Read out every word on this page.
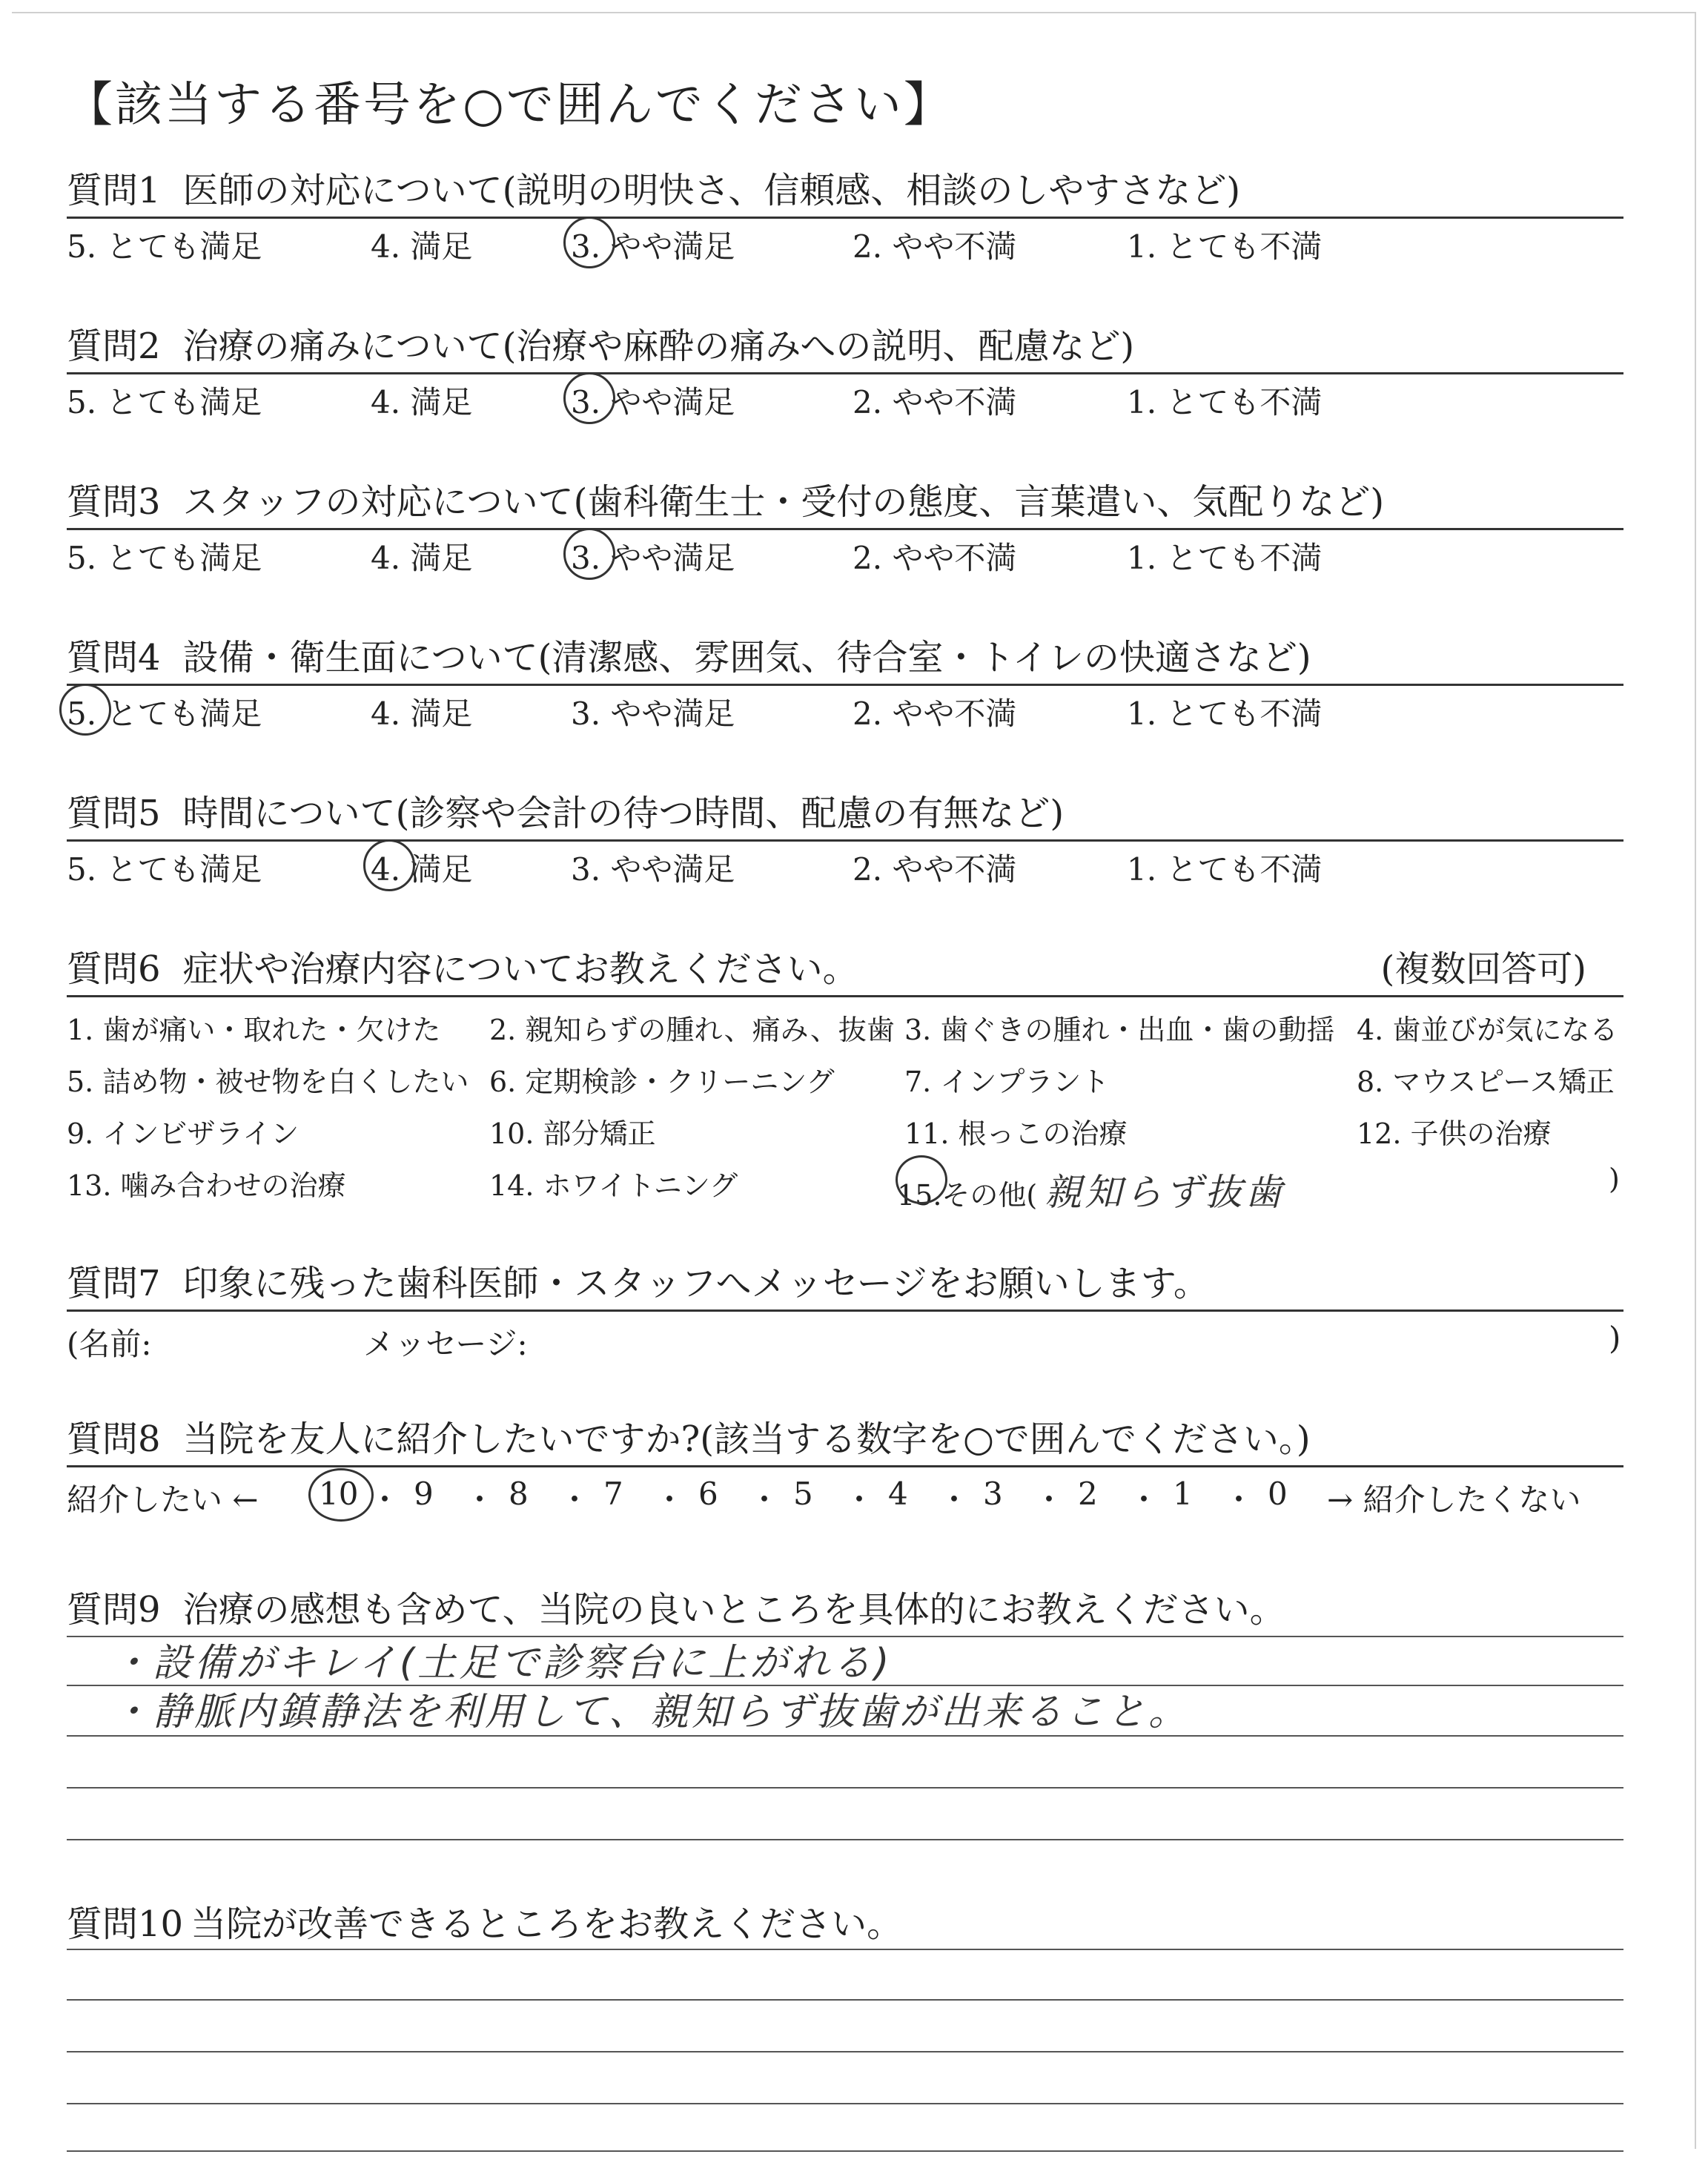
【該当する番号を○で囲んでください】
質問1 医師の対応について(説明の明快さ、信頼感、相談のしやすさなど)
5. とても満足	4. 満足	3. やや満足	2. やや不満	1. とても不満
質問2 治療の痛みについて(治療や麻酔の痛みへの説明、配慮など)
5. とても満足	4. 満足	3. やや満足	2. やや不満	1. とても不満
質問3 スタッフの対応について(歯科衛生士・受付の態度、言葉遣い、気配りなど)
5. とても満足	4. 満足	3. やや満足	2. やや不満	1. とても不満
質問4 設備・衛生面について(清潔感、雰囲気、待合室・トイレの快適さなど)
5. とても満足	4. 満足	3. やや満足	2. やや不満	1. とても不満
質問5 時間について(診察や会計の待つ時間、配慮の有無など)
5. とても満足	4. 満足	3. やや満足	2. やや不満	1. とても不満
質問6 症状や治療内容についてお教えください。	(複数回答可)
1. 歯が痛い・取れた・欠けた 2. 親知らずの腫れ、痛み、抜歯 3. 歯ぐきの腫れ・出血・歯の動揺 4. 歯並びが気になる
5. 詰め物・被せ物を白くしたい 6. 定期検診・クリーニング 7. インプラント	8. マウスピース矯正
9. インビザライン	10. 部分矯正	11. 根っこの治療	12. 子供の治療
13. 噛み合わせの治療	14. ホワイトニング	15.その他( 親知らず抜歯	)
質問7 印象に残った歯科医師・スタッフへメッセージをお願いします。
(名前:	メッセージ:	)
質問8 当院を友人に紹介したいですか?(該当する数字を○で囲んでください。)
紹介したい ← 10 ・ 9 ・ 8 ・ 7 ・ 6 ・ 5 ・ 4 ・ 3 ・ 2 ・ 1 ・ 0 → 紹介したくない
質問9 治療の感想も含めて、当院の良いところを具体的にお教えください。
・設備がキレイ(土足で診察台に上がれる)
・静脈内鎮静法を利用して、親知らず抜歯が出来ること。
質問10 当院が改善できるところをお教えください。
